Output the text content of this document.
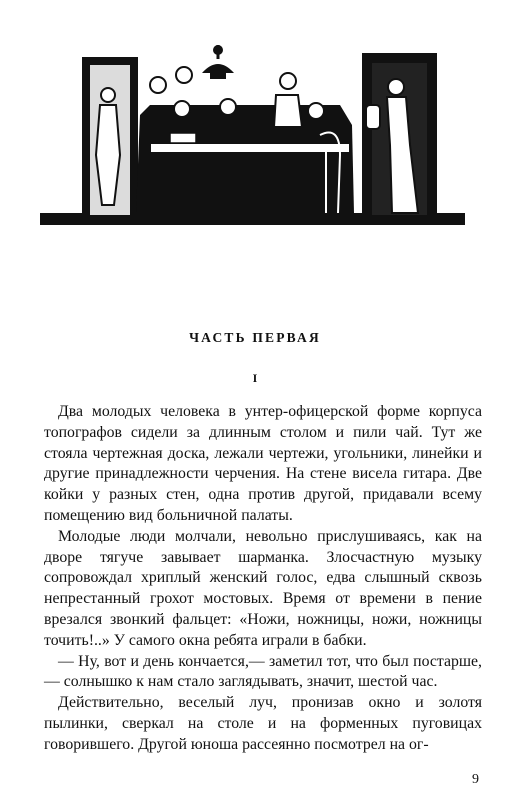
ЧАСТЬ ПЕРВАЯ
I

Два молодых человека в унтер-офицерской форме корпуса топографов сидели за длинным столом и пили чай. Тут же стояла чертежная доска, лежали чертежи, угольники, линейки и другие принадлежности черчения. На стене висела гитара. Две койки у разных стен, одна против другой, придавали всему помещению вид больничной палаты.

Молодые люди молчали, невольно прислушиваясь, как на дворе тягуче завывает шарманка. Злосчастную музыку сопровождал хриплый женский голос, едва слышный сквозь непрестанный грохот мостовых. Время от времени в пение врезался звонкий фальцет: «Ножи, ножницы, ножи, ножницы точить!..» У самого окна ребята играли в бабки.

— Ну, вот и день кончается,— заметил тот, что был постарше,— солнышко к нам стало заглядывать, значит, шестой час.

Действительно, веселый луч, пронизав окно и золотя пылинки, сверкал на столе и на форменных пуговицах говорившего. Другой юноша рассеянно посмотрел на ог-

9
